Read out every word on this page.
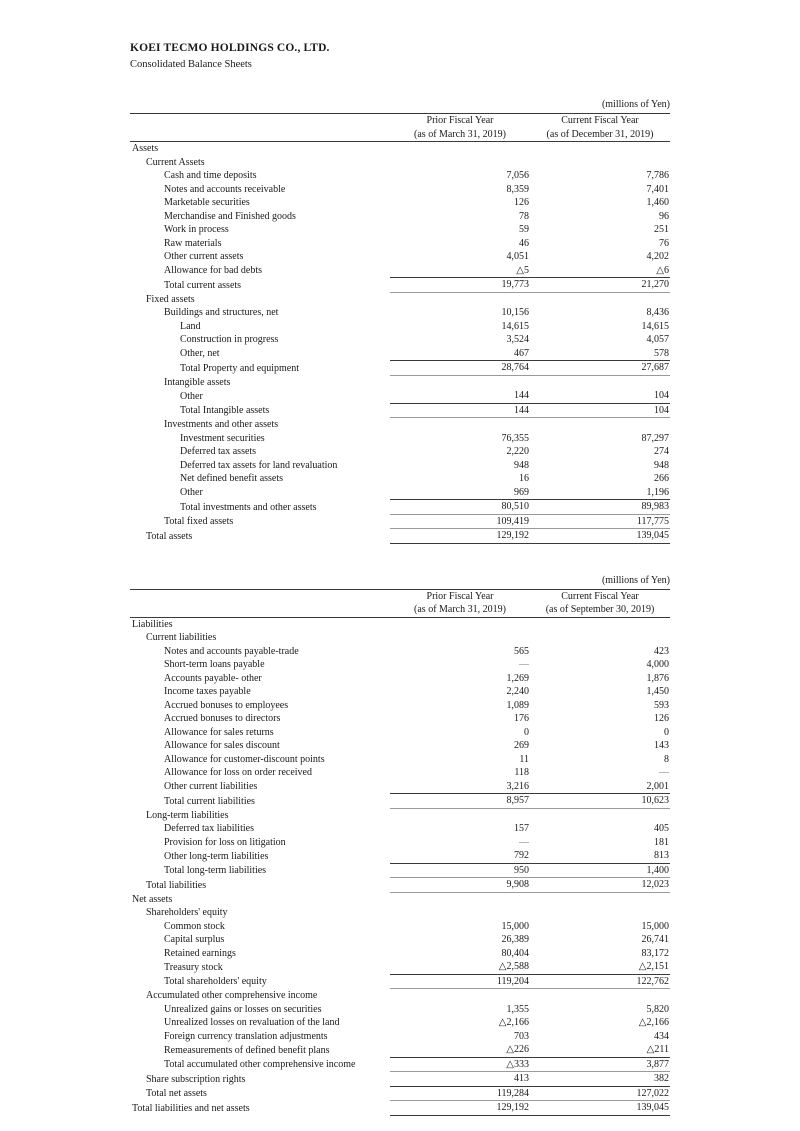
KOEI TECMO HOLDINGS CO., LTD.
Consolidated Balance Sheets
		(millions of Yen)
	Prior Fiscal Year	Current Fiscal Year
	(as of March 31, 2019)	(as of December 31, 2019)
Assets		
Current Assets		
Cash and time deposits	7,056	7,786
Notes and accounts receivable	8,359	7,401
Marketable securities	126	1,460
Merchandise and Finished goods	78	96
Work in process	59	251
Raw materials	46	76
Other current assets	4,051	4,202
Allowance for bad debts	△5	△6
Total current assets	19,773	21,270
Fixed assets		
Buildings and structures, net	10,156	8,436
Land	14,615	14,615
Construction in progress	3,524	4,057
Other, net	467	578
Total Property and equipment	28,764	27,687
Intangible assets		
Other	144	104
Total Intangible assets	144	104
Investments and other assets		
Investment securities	76,355	87,297
Deferred tax assets	2,220	274
Deferred tax assets for land revaluation	948	948
Net defined benefit assets	16	266
Other	969	1,196
Total investments and other assets	80,510	89,983
Total fixed assets	109,419	117,775
Total assets	129,192	139,045
		(millions of Yen)
	Prior Fiscal Year	Current Fiscal Year
	(as of March 31, 2019)	(as of September 30, 2019)
Liabilities		
Current liabilities		
Notes and accounts payable-trade	565	423
Short-term loans payable	—	4,000
Accounts payable- other	1,269	1,876
Income taxes payable	2,240	1,450
Accrued bonuses to employees	1,089	593
Accrued bonuses to directors	176	126
Allowance for sales returns	0	0
Allowance for sales discount	269	143
Allowance for customer-discount points	11	8
Allowance for loss on order received	118	—
Other current liabilities	3,216	2,001
Total current liabilities	8,957	10,623
Long-term liabilities		
Deferred tax liabilities	157	405
Provision for loss on litigation	—	181
Other long-term liabilities	792	813
Total long-term liabilities	950	1,400
Total liabilities	9,908	12,023
Net assets		
Shareholders' equity		
Common stock	15,000	15,000
Capital surplus	26,389	26,741
Retained earnings	80,404	83,172
Treasury stock	△2,588	△2,151
Total shareholders' equity	119,204	122,762
Accumulated other comprehensive income		
Unrealized gains or losses on securities	1,355	5,820
Unrealized losses on revaluation of the land	△2,166	△2,166
Foreign currency translation adjustments	703	434
Remeasurements of defined benefit plans	△226	△211
Total accumulated other comprehensive income	△333	3,877
Share subscription rights	413	382
Total net assets	119,284	127,022
Total liabilities and net assets	129,192	139,045
